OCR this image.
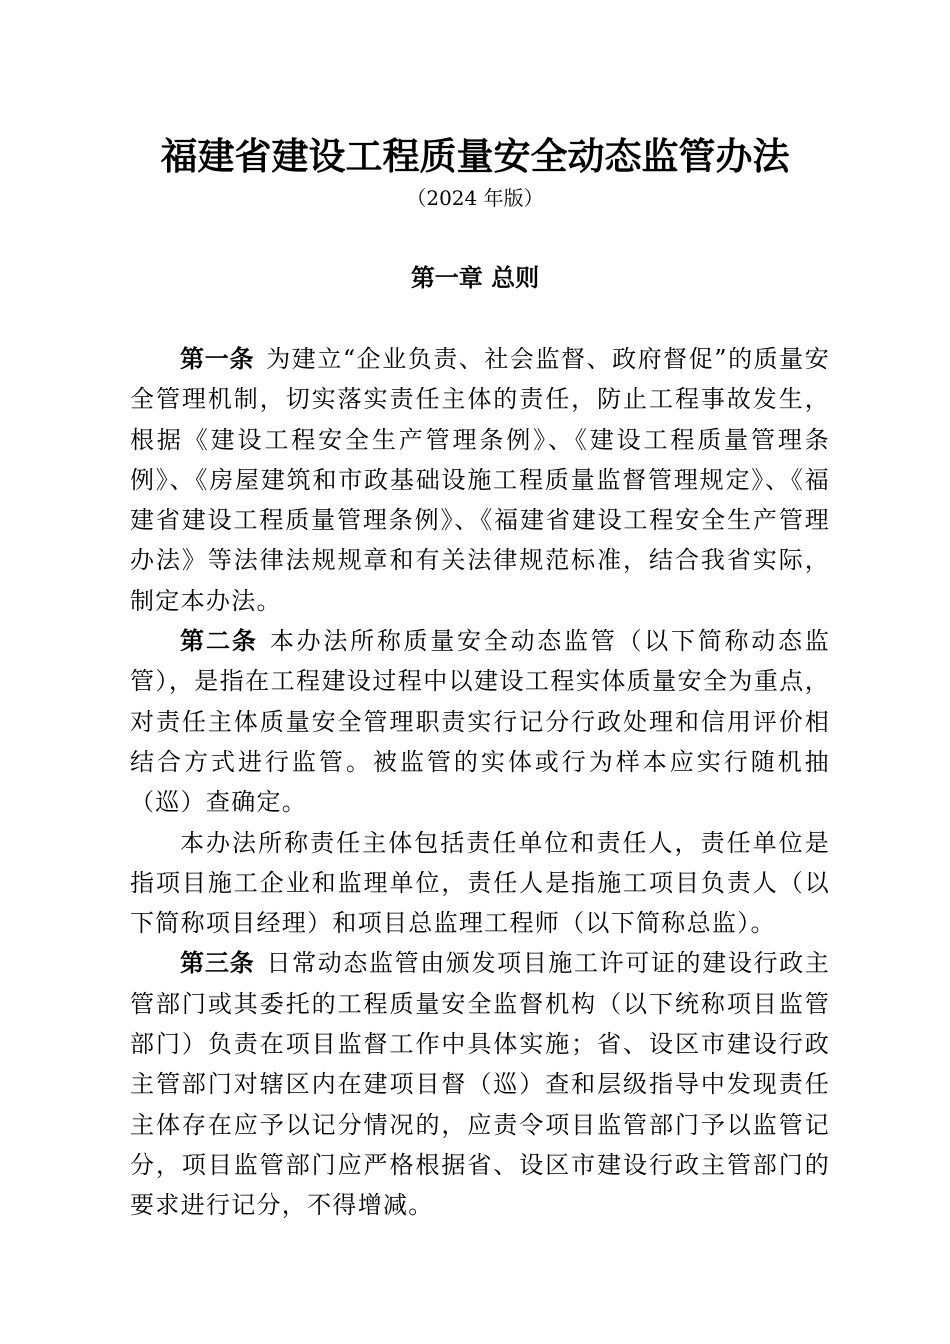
福建省建设工程质量安全动态监管办法
（2024 年版）
第一章 总则

第一条 为建立“企业负责、社会监督、政府督促”的质量安全管理机制，切实落实责任主体的责任，防止工程事故发生，根据《建设工程安全生产管理条例》、《建设工程质量管理条例》、《房屋建筑和市政基础设施工程质量监督管理规定》、《福建省建设工程质量管理条例》、《福建省建设工程安全生产管理办法》等法律法规规章和有关法律规范标准，结合我省实际，制定本办法。

第二条 本办法所称质量安全动态监管（以下简称动态监管），是指在工程建设过程中以建设工程实体质量安全为重点，对责任主体质量安全管理职责实行记分行政处理和信用评价相结合方式进行监管。被监管的实体或行为样本应实行随机抽（巡）查确定。

本办法所称责任主体包括责任单位和责任人，责任单位是指项目施工企业和监理单位，责任人是指施工项目负责人（以下简称项目经理）和项目总监理工程师（以下简称总监）。

第三条 日常动态监管由颁发项目施工许可证的建设行政主管部门或其委托的工程质量安全监督机构（以下统称项目监管部门）负责在项目监督工作中具体实施；省、设区市建设行政主管部门对辖区内在建项目督（巡）查和层级指导中发现责任主体存在应予以记分情况的，应责令项目监管部门予以监管记分，项目监管部门应严格根据省、设区市建设行政主管部门的要求进行记分，不得增减。
